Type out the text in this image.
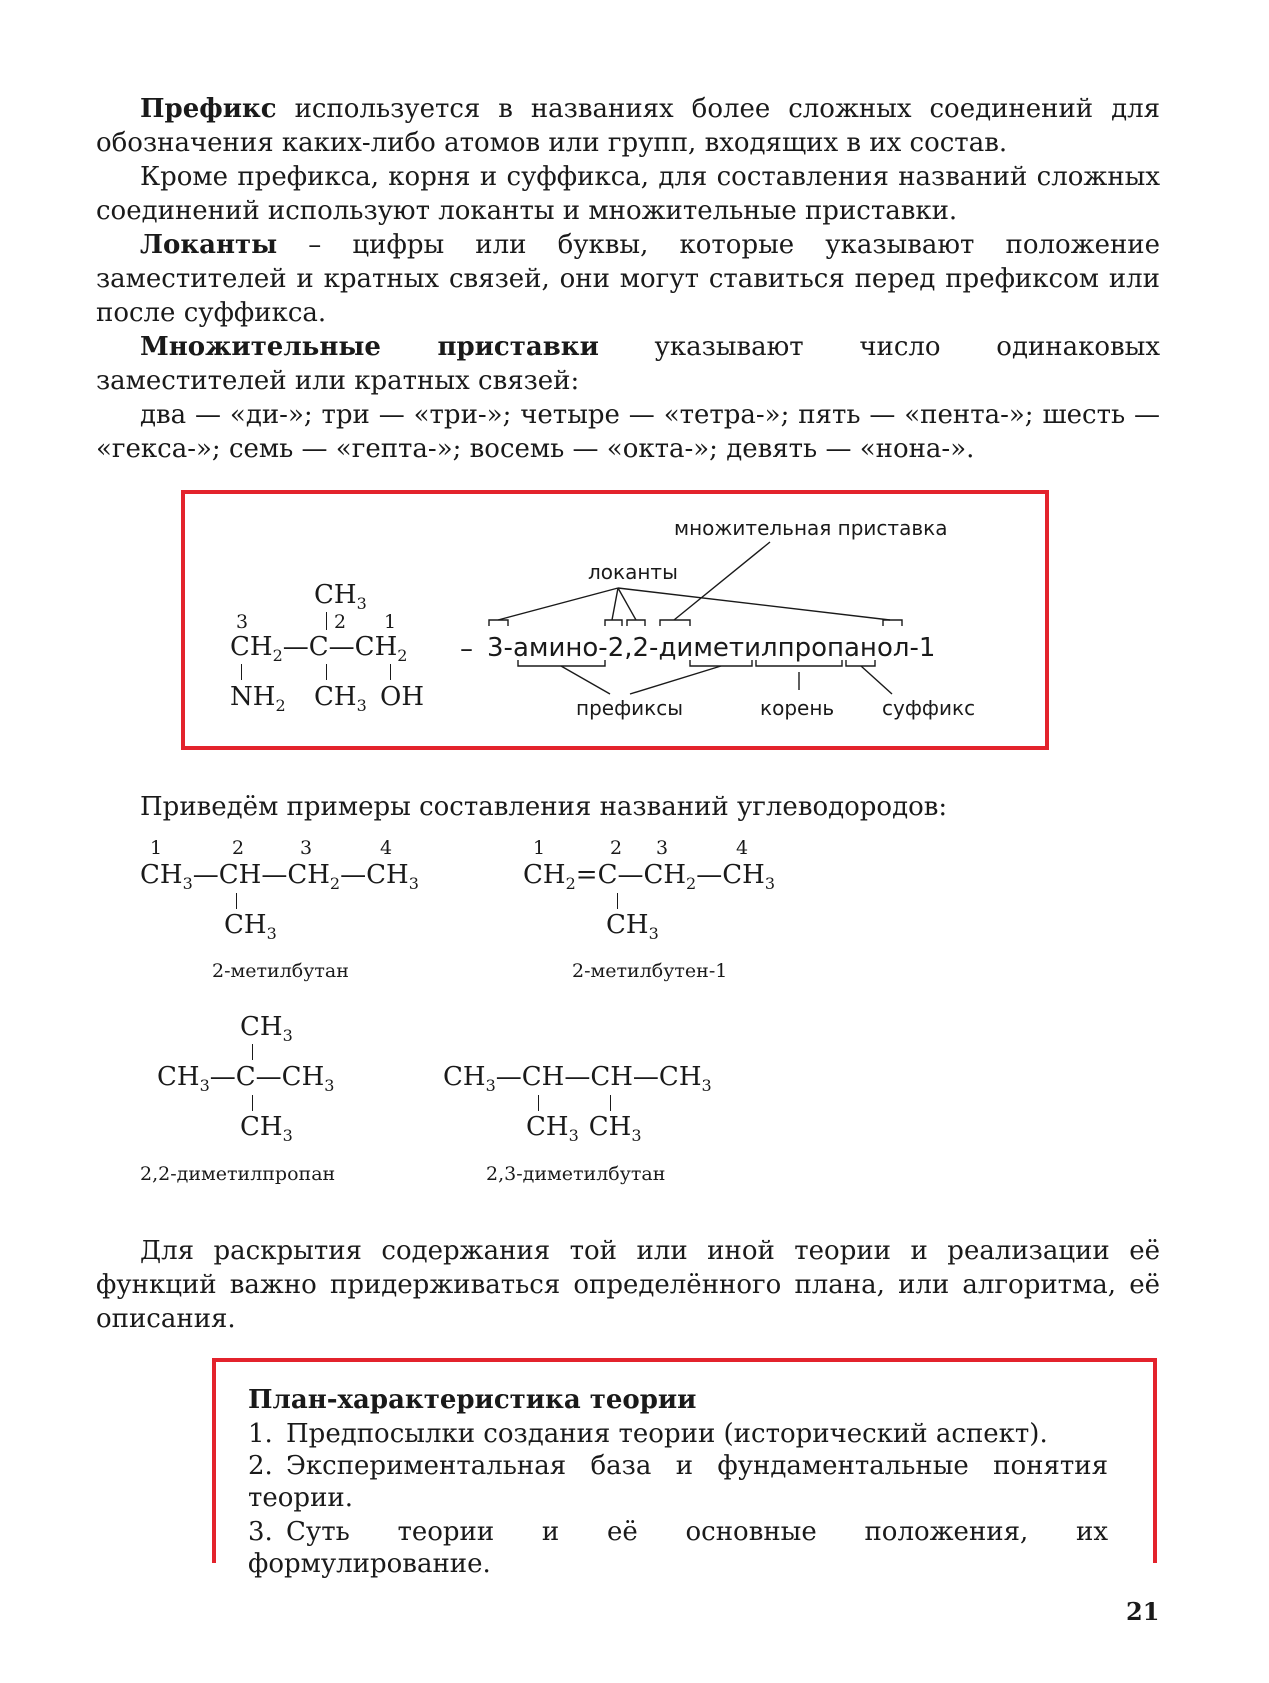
Префикс используется в названиях более сложных соединений для обозначения каких-либо атомов или групп, входящих в их состав.

Кроме префикса, корня и суффикса, для составления названий сложных соединений используют локанты и множительные приставки.

Локанты – цифры или буквы, которые указывают положение заместителей и кратных связей, они могут ставиться перед префиксом или после суффикса.

Множительные приставки указывают число одинаковых заместителей или кратных связей:

два — «ди-»; три — «три-»; четыре — «тетра-»; пять — «пента-»; шесть — «гекса-»; семь — «гепта-»; восемь — «окта-»; девять — «нона-».

3	2 1
$CH_3$
$CH_2—C—CH_2$
$NH_2$ $CH_3$ OH
– 3-амино-2,2-диметилпропанол-1
множительная приставка
локанты
префиксы	корень суффикс

Приведём примеры составления названий углеводородов:

1	2	3	4
$CH_3—CH—CH_2—CH_3$
$CH_3$
2-метилбутан
1	2 3	4
$CH_2=C—CH_2—CH_3$
$CH_3$
2-метилбутен-1
$CH_3$
$CH_3—C—CH_3$
$CH_3$
2,2-диметилпропан
$CH_3—CH—CH—CH_3$
$CH_3$ $CH_3$
2,3-диметилбутан

Для раскрытия содержания той или иной теории и реализации её функций важно придерживаться определённого плана, или алгоритма, её описания.

План-характеристика теории

1. Предпосылки создания теории (исторический аспект).

2. Экспериментальная база и фундаментальные понятия теории.

3. Суть теории и её основные положения, их формулирование.

21
